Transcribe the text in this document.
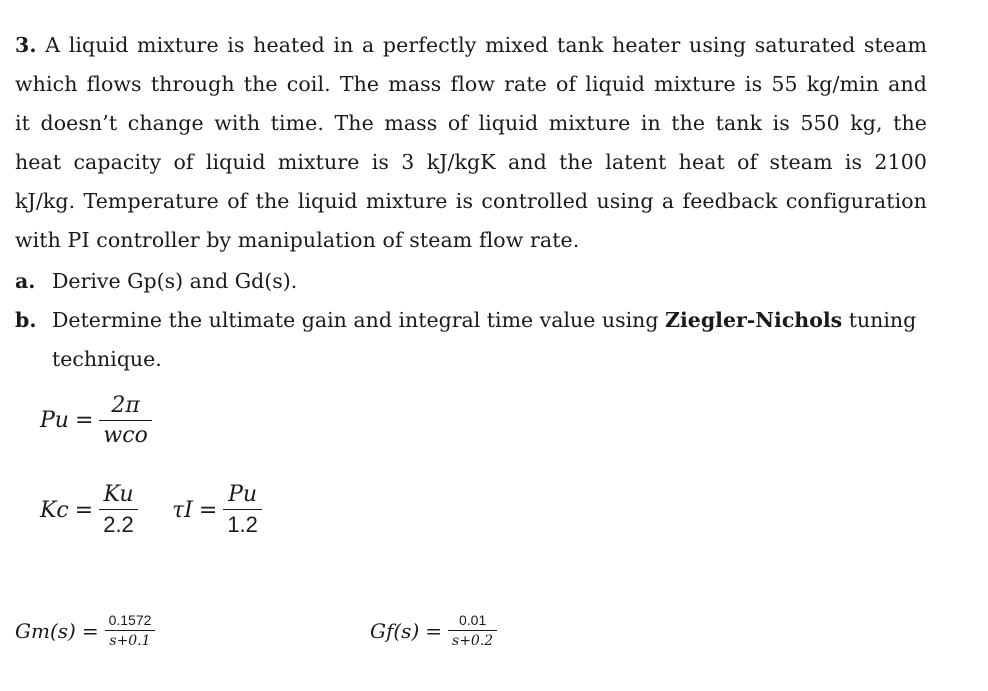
3. A liquid mixture is heated in a perfectly mixed tank heater using saturated steam
which flows through the coil. The mass flow rate of liquid mixture is 55 kg/min and
it doesn’t change with time. The mass of liquid mixture in the tank is 550 kg, the
heat capacity of liquid mixture is 3 kJ/kgK and the latent heat of steam is 2100
kJ/kg. Temperature of the liquid mixture is controlled using a feedback configuration
with PI controller by manipulation of steam flow rate.
a. Derive Gp(s) and Gd(s).
b. Determine the ultimate gain and integral time value using Ziegler-Nichols tuning
technique.
$Pu = \frac{2\pi}{\text{wco}}$
$Kc = \frac{Ku}{2.2}$ $\tau I = \frac{Pu}{1.2}$
$Gm(s) = \frac{0.1572}{s+0.1}$	$Gf(s) = \frac{0.01}{s+0.2}$
